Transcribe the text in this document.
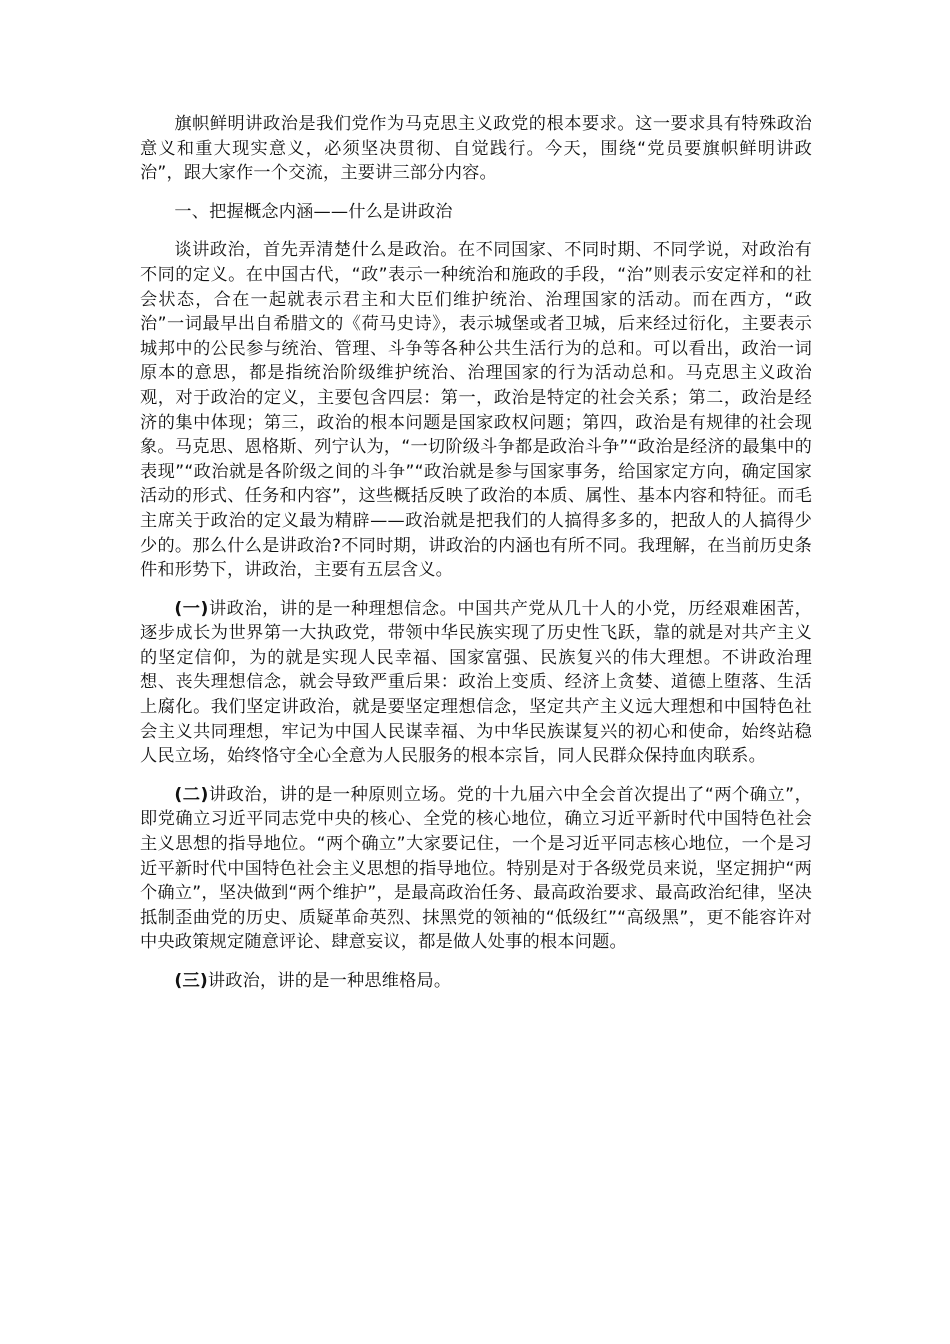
旗帜鲜明讲政治是我们党作为马克思主义政党的根本要求。这一要求具有特殊政治意义和重大现实意义，必须坚决贯彻、自觉践行。今天，围绕“党员要旗帜鲜明讲政治”，跟大家作一个交流，主要讲三部分内容。

一、把握概念内涵——什么是讲政治

谈讲政治，首先弄清楚什么是政治。在不同国家、不同时期、不同学说，对政治有不同的定义。在中国古代，“政”表示一种统治和施政的手段，“治”则表示安定祥和的社会状态，合在一起就表示君主和大臣们维护统治、治理国家的活动。而在西方，“政治”一词最早出自希腊文的《荷马史诗》，表示城堡或者卫城，后来经过衍化，主要表示城邦中的公民参与统治、管理、斗争等各种公共生活行为的总和。可以看出，政治一词原本的意思，都是指统治阶级维护统治、治理国家的行为活动总和。马克思主义政治观，对于政治的定义，主要包含四层：第一，政治是特定的社会关系；第二，政治是经济的集中体现；第三，政治的根本问题是国家政权问题；第四，政治是有规律的社会现象。马克思、恩格斯、列宁认为，“一切阶级斗争都是政治斗争”“政治是经济的最集中的表现”“政治就是各阶级之间的斗争”“政治就是参与国家事务，给国家定方向，确定国家活动的形式、任务和内容”，这些概括反映了政治的本质、属性、基本内容和特征。而毛主席关于政治的定义最为精辟——政治就是把我们的人搞得多多的，把敌人的人搞得少少的。那么什么是讲政治?不同时期，讲政治的内涵也有所不同。我理解，在当前历史条件和形势下，讲政治，主要有五层含义。

(一)讲政治，讲的是一种理想信念。中国共产党从几十人的小党，历经艰难困苦，逐步成长为世界第一大执政党，带领中华民族实现了历史性飞跃，靠的就是对共产主义的坚定信仰，为的就是实现人民幸福、国家富强、民族复兴的伟大理想。不讲政治理想、丧失理想信念，就会导致严重后果：政治上变质、经济上贪婪、道德上堕落、生活上腐化。我们坚定讲政治，就是要坚定理想信念，坚定共产主义远大理想和中国特色社会主义共同理想，牢记为中国人民谋幸福、为中华民族谋复兴的初心和使命，始终站稳人民立场，始终恪守全心全意为人民服务的根本宗旨，同人民群众保持血肉联系。

(二)讲政治，讲的是一种原则立场。党的十九届六中全会首次提出了“两个确立”，即党确立习近平同志党中央的核心、全党的核心地位，确立习近平新时代中国特色社会主义思想的指导地位。“两个确立”大家要记住，一个是习近平同志核心地位，一个是习近平新时代中国特色社会主义思想的指导地位。特别是对于各级党员来说，坚定拥护“两个确立”，坚决做到“两个维护”，是最高政治任务、最高政治要求、最高政治纪律，坚决抵制歪曲党的历史、质疑革命英烈、抹黑党的领袖的“低级红”“高级黑”，更不能容许对中央政策规定随意评论、肆意妄议，都是做人处事的根本问题。

(三)讲政治，讲的是一种思维格局。
